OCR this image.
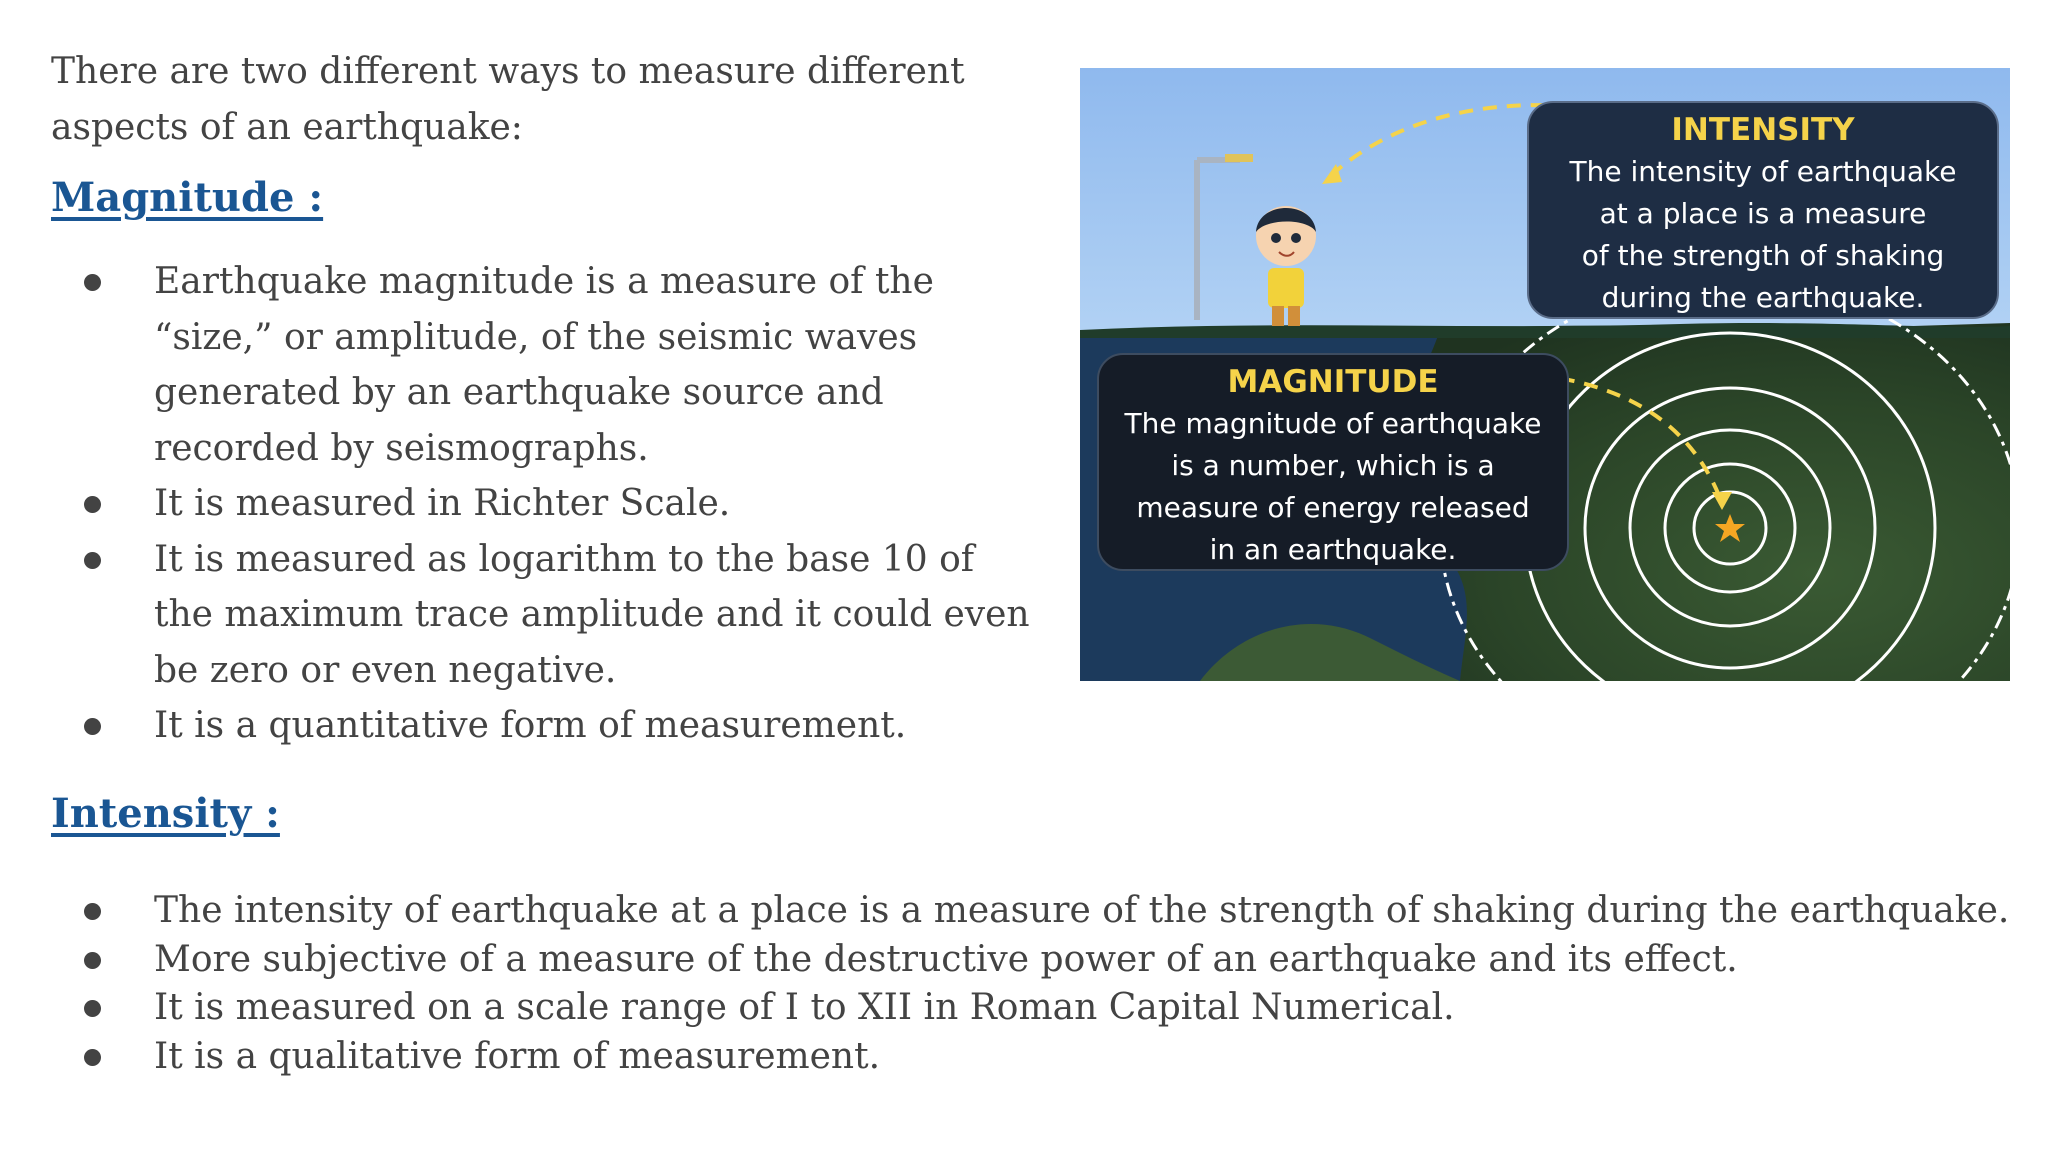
There are two different ways to measure different aspects of an earthquake:

Magnitude :
Earthquake magnitude is a measure of the “size,” or amplitude, of the seismic waves generated by an earthquake source and recorded by seismographs.
It is measured in Richter Scale.
It is measured as logarithm to the base 10 of the maximum trace amplitude and it could even be zero or even negative.
It is a quantitative form of measurement.
INTENSITY
The intensity of earthquake
at a place is a measure
of the strength of shaking
during the earthquake.
MAGNITUDE
The magnitude of earthquake
is a number, which is a
measure of energy released
in an earthquake.
Intensity :
The intensity of earthquake at a place is a measure of the strength of shaking during the earthquake.
More subjective of a measure of the destructive power of an earthquake and its effect.
It is measured on a scale range of I to XII in Roman Capital Numerical.
It is a qualitative form of measurement.
